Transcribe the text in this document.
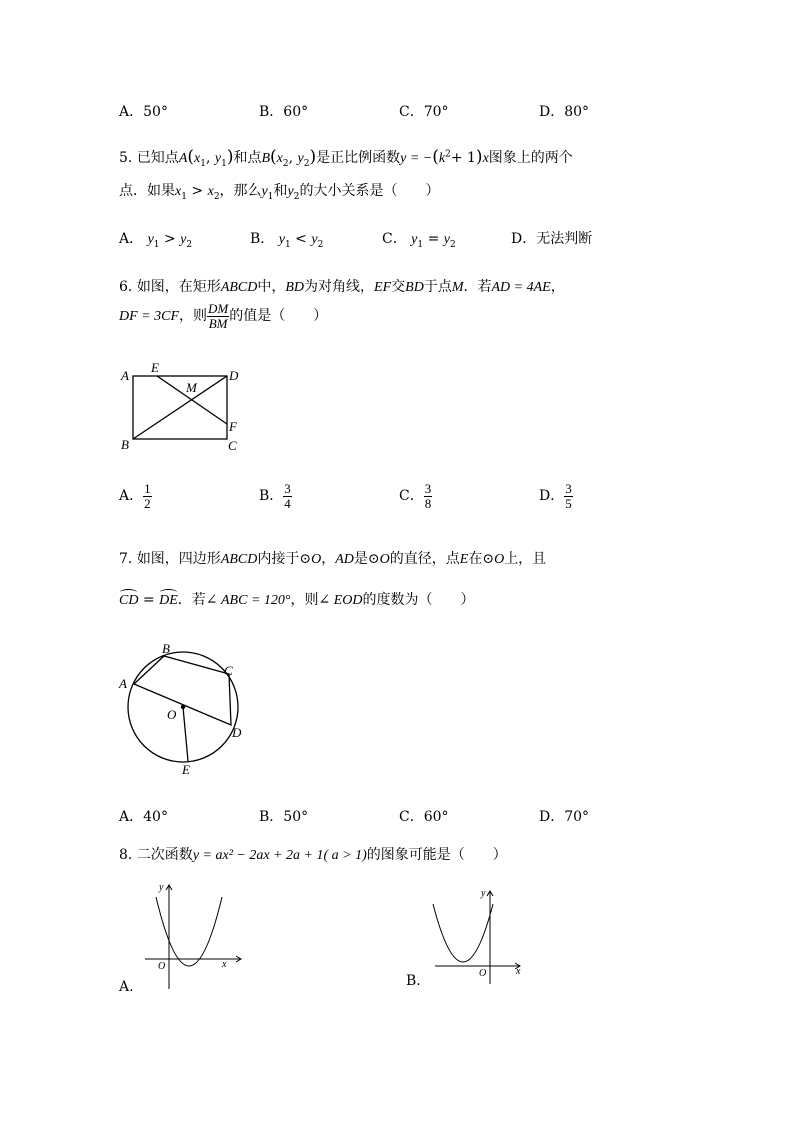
A．50°	B．60°	C．70°	D．80°
5. 已知点$A(x_1$, $y_1$)和点$B(x_2$, $y_2$)是正比例函数$y = -(k^2+ 1)x$图象上的两个
点．如果$x_1 > x_2$，那么$y_1$和$y_2$的大小关系是（　　）
A． $y_1 > y_2$	B． $y_1 < y_2$	C． $y_1 = y_2$	D．无法判断
6. 如图，在矩形ABCD中，BD为对角线，EF交BD于点M．若AD = 4AE，
DF = 3CF，则 $\frac{DM}{BM}$ 的值是（　　）
A
E
M
D
F
B	C
A． $\frac{1}{2}$	B． $\frac{3}{4}$	C． $\frac{3}{8}$	D． $\frac{3}{5}$
7. 如图，四边形ABCD内接于⊙O，AD是⊙O的直径，点E在⊙O上，且
CD = DE．若∠ ABC = 120°，则∠ EOD的度数为（　　）
A
B
C
D
O
E
A．40°	B．50°	C．60°	D．70°
8. 二次函数y = ax² − 2ax + 2a + 1( a > 1)的图象可能是（　　）
y
x
O
A.
y
x
O
B.
